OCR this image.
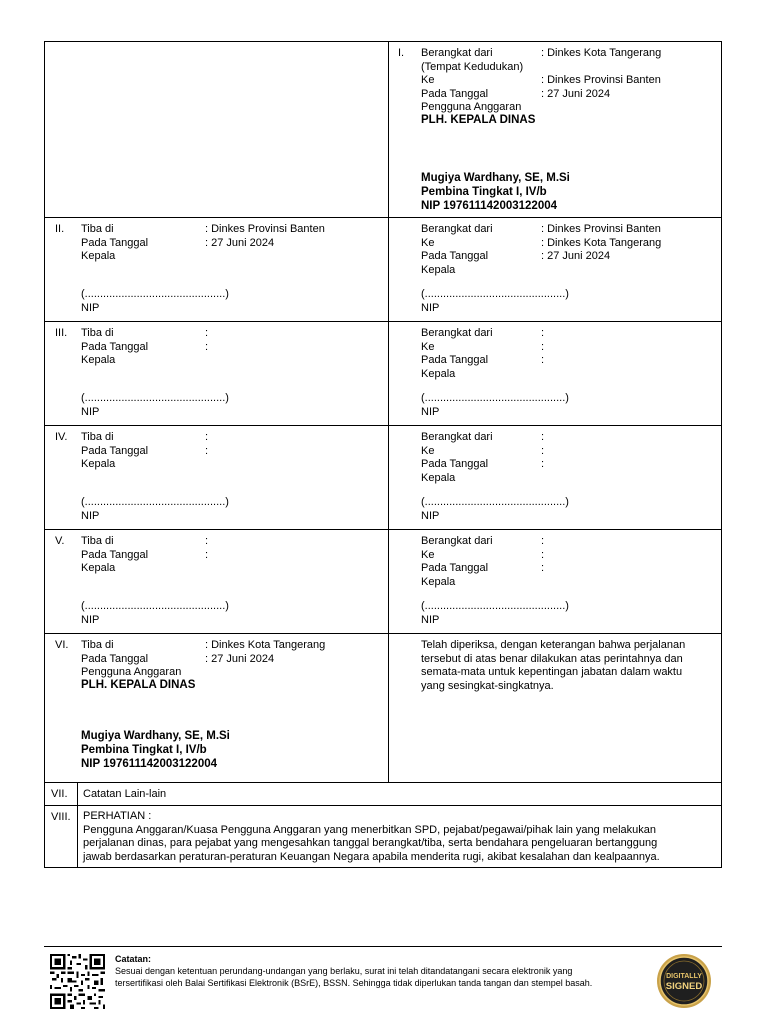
I. Berangkat dari	: Dinkes Kota Tangerang
(Tempat Kedudukan)
Ke	: Dinkes Provinsi Banten
Pada Tanggal	: 27 Juni 2024
Pengguna Anggaran
PLH. KEPALA DINAS
Mugiya Wardhany, SE, M.Si
Pembina Tingkat I, IV/b
NIP 197611142003122004
II. Tiba di	: Dinkes Provinsi Banten
Pada Tanggal	: 27 Juni 2024
Kepala
(..............................................)
NIP
Berangkat dari	: Dinkes Provinsi Banten
Ke	: Dinkes Kota Tangerang
Pada Tanggal	: 27 Juni 2024
Kepala
(..............................................)
NIP
III. Tiba di	:
Pada Tanggal	:
Kepala
(..............................................)
NIP
Berangkat dari	:
Ke	:
Pada Tanggal	:
Kepala
(..............................................)
NIP
IV. Tiba di	:
Pada Tanggal	:
Kepala
(..............................................)
NIP
Berangkat dari	:
Ke	:
Pada Tanggal	:
Kepala
(..............................................)
NIP
V. Tiba di	:
Pada Tanggal	:
Kepala
(..............................................)
NIP
Berangkat dari	:
Ke	:
Pada Tanggal	:
Kepala
(..............................................)
NIP
VI. Tiba di	: Dinkes Kota Tangerang
Pada Tanggal	: 27 Juni 2024
Pengguna Anggaran
PLH. KEPALA DINAS
Mugiya Wardhany, SE, M.Si
Pembina Tingkat I, IV/b
NIP 197611142003122004
Telah diperiksa, dengan keterangan bahwa perjalanan
tersebut di atas benar dilakukan atas perintahnya dan
semata-mata untuk kepentingan jabatan dalam waktu
yang sesingkat-singkatnya.
VII. Catatan Lain-lain
VIII. PERHATIAN :
Pengguna Anggaran/Kuasa Pengguna Anggaran yang menerbitkan SPD, pejabat/pegawai/pihak lain yang melakukan
perjalanan dinas, para pejabat yang mengesahkan tanggal berangkat/tiba, serta bendahara pengeluaran bertanggung
jawab berdasarkan peraturan-peraturan Keuangan Negara apabila menderita rugi, akibat kesalahan dan kealpaannya.
Catatan:
Sesuai dengan ketentuan perundang-undangan yang berlaku, surat ini telah ditandatangani secara elektronik yang
tersertifikasi oleh Balai Sertifikasi Elektronik (BSrE), BSSN. Sehingga tidak diperlukan tanda tangan dan stempel basah.
DIGITALLY
SIGNED
